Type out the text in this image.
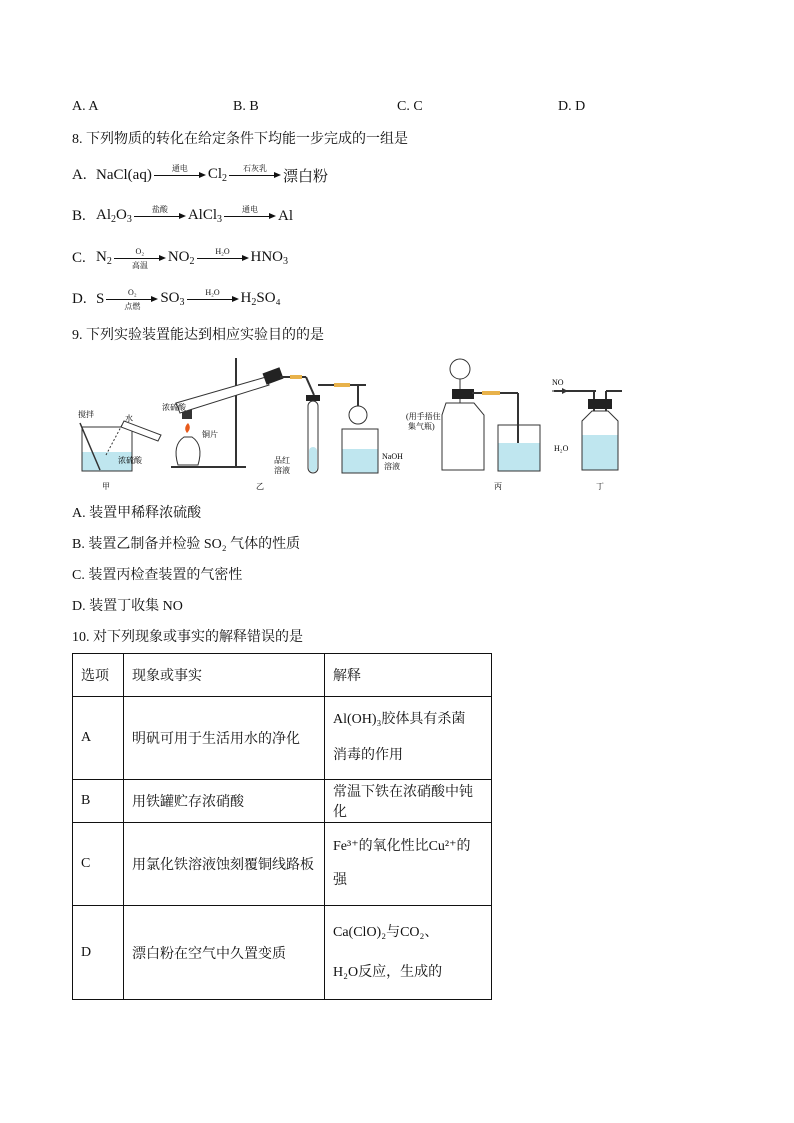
A. A	B. B	C. C	D. D
8. 下列物质的转化在给定条件下均能一步完成的一组是
A. NaCl(aq)	通电	$Cl_2$
石灰乳	漂白粉
B. $Al_2O_3$
盐酸	AlCl$_3$
通电	Al
C. $N_2$
O₂
高温
$NO_2$
H₂O	$HNO_3$
D. S	O₂
点燃
$SO_3$
H₂O	$H_2SO_4$
9. 下列实验装置能达到相应实验目的的是
搅拌	水
浓硫酸
甲
浓硫酸
铜片
品红
溶液
NaOH
溶液
乙
(用手捂住
集气瓶)
丙
NO
H₂O
丁
A. 装置甲稀释浓硫酸
B. 装置乙制备并检验 SO₂ 气体的性质
C. 装置丙检查装置的气密性
D. 装置丁收集 NO
10. 对下列现象或事实的解释错误的是
选项	现象或事实	解释
A	明矾可用于生活用水的净化	Al(OH)₃胶体具有杀菌
消毒的作用

B	用铁罐贮存浓硝酸	常温下铁在浓硝酸中钝化
C	用氯化铁溶液蚀刻覆铜线路板	Fe³⁺的氧化性比Cu²⁺的
强

D	漂白粉在空气中久置变质	Ca(ClO)₂与CO₂、
H₂O反应，生成的
